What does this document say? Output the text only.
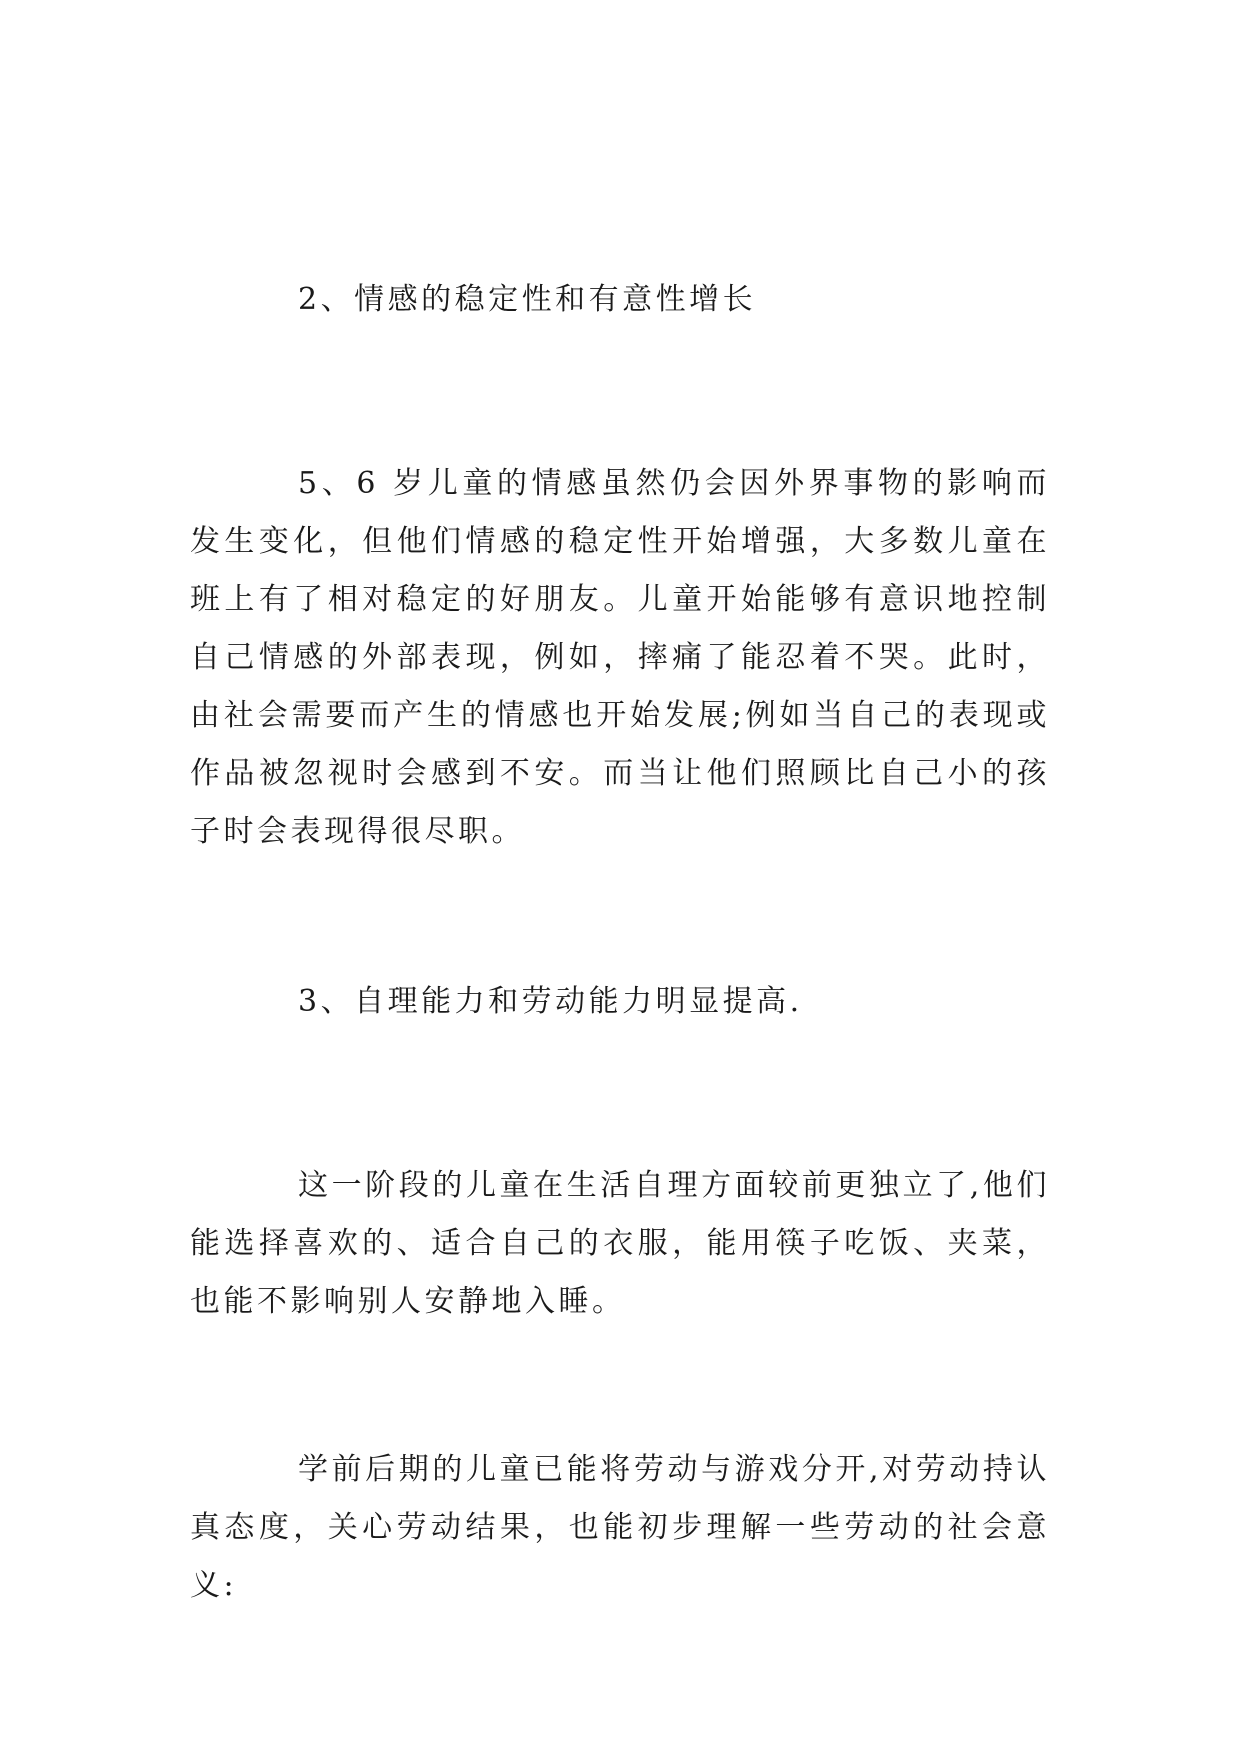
2、情感的稳定性和有意性增长

5、6 岁儿童的情感虽然仍会因外界事物的影响而发生变化，但他们情感的稳定性开始增强，大多数儿童在班上有了相对稳定的好朋友。儿童开始能够有意识地控制自己情感的外部表现，例如，摔痛了能忍着不哭。此时，由社会需要而产生的情感也开始发展;例如当自己的表现或作品被忽视时会感到不安。而当让他们照顾比自己小的孩子时会表现得很尽职。

3、自理能力和劳动能力明显提高.

这一阶段的儿童在生活自理方面较前更独立了,他们能选择喜欢的、适合自己的衣服，能用筷子吃饭、夹菜，也能不影响别人安静地入睡。

学前后期的儿童已能将劳动与游戏分开,对劳动持认真态度，关心劳动结果，也能初步理解一些劳动的社会意义:
